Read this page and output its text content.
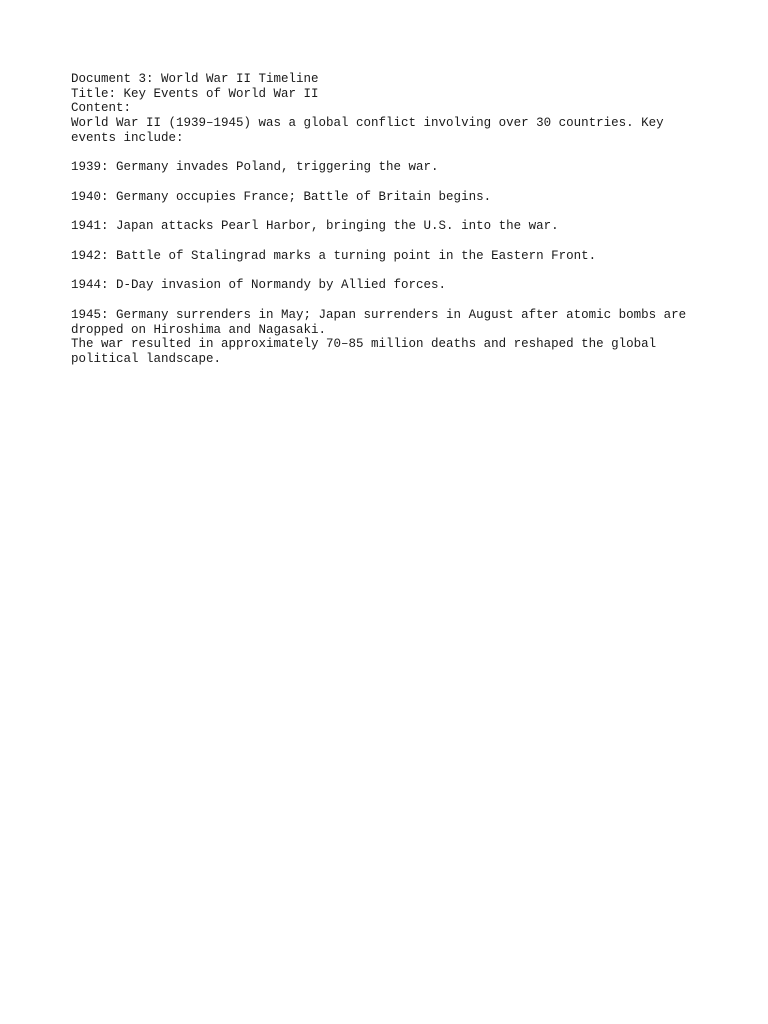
Document 3: World War II Timeline
Title: Key Events of World War II
Content:
World War II (1939–1945) was a global conflict involving over 30 countries. Key events include:
1939: Germany invades Poland, triggering the war.
1940: Germany occupies France; Battle of Britain begins.
1941: Japan attacks Pearl Harbor, bringing the U.S. into the war.
1942: Battle of Stalingrad marks a turning point in the Eastern Front.
1944: D-Day invasion of Normandy by Allied forces.
1945: Germany surrenders in May; Japan surrenders in August after atomic bombs are dropped on Hiroshima and Nagasaki.
The war resulted in approximately 70–85 million deaths and reshaped the global political landscape.
